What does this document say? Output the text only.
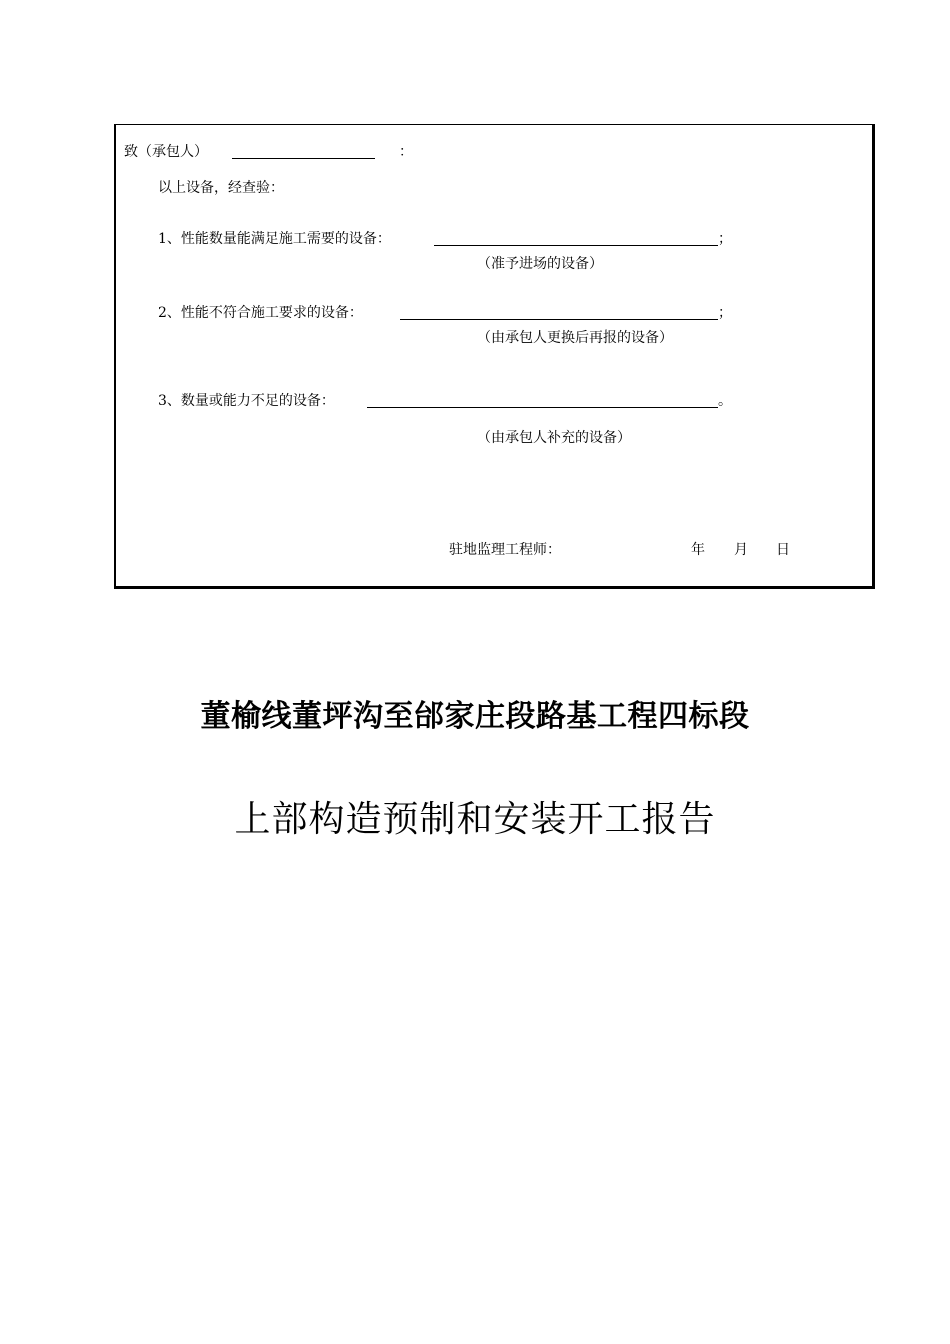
致（承包人）	：
以上设备，经查验：
1、性能数量能满足施工需要的设备：	；
（准予进场的设备）
2、性能不符合施工要求的设备：	；
（由承包人更换后再报的设备）
3、数量或能力不足的设备：	。
（由承包人补充的设备）
驻地监理工程师：	年 月 日
董榆线董坪沟至邰家庄段路基工程四标段
上部构造预制和安装开工报告
